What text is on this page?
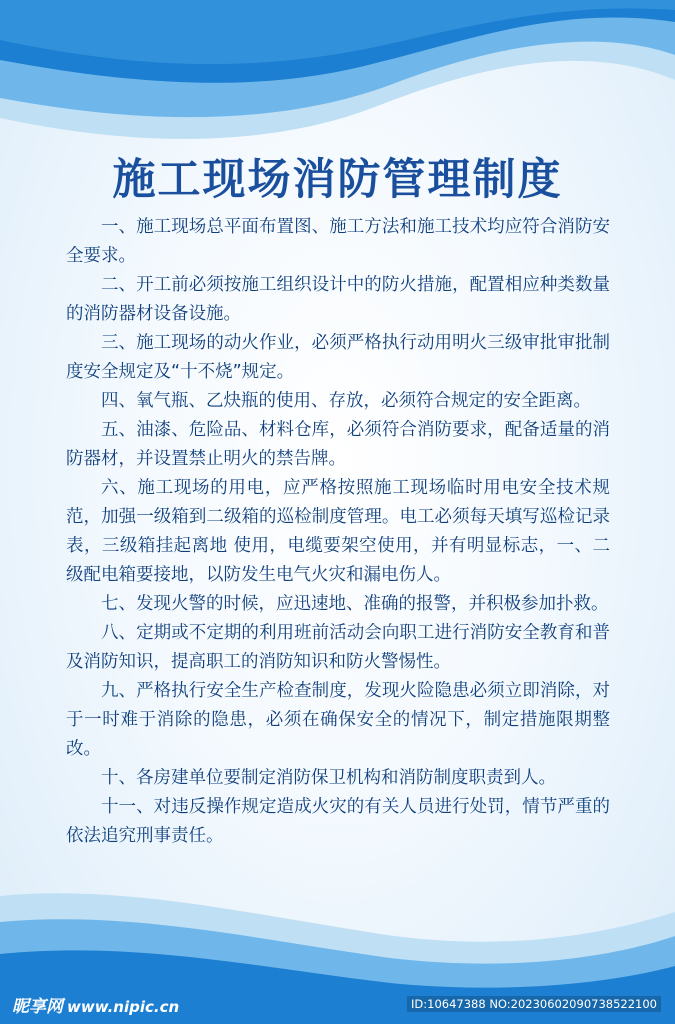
施工现场消防管理制度
一、施工现场总平面布置图、施工方法和施工技术均应符合消防安全要求。
二、开工前必须按施工组织设计中的防火措施，配置相应种类数量的消防器材设备设施。
三、施工现场的动火作业，必须严格执行动用明火三级审批审批制度安全规定及“十不烧”规定。
四、氧气瓶、乙炔瓶的使用、存放，必须符合规定的安全距离。
五、油漆、危险品、材料仓库，必须符合消防要求，配备适量的消防器材，并设置禁止明火的禁告牌。
六、施工现场的用电，应严格按照施工现场临时用电安全技术规范，加强一级箱到二级箱的巡检制度管理。电工必须每天填写巡检记录表，三级箱挂起离地 使用，电缆要架空使用，并有明显标志，一、二级配电箱要接地，以防发生电气火灾和漏电伤人。
七、发现火警的时候，应迅速地、准确的报警，并积极参加扑救。
八、定期或不定期的利用班前活动会向职工进行消防安全教育和普及消防知识，提高职工的消防知识和防火警惕性。
九、严格执行安全生产检查制度，发现火险隐患必须立即消除，对于一时难于消除的隐患，必须在确保安全的情况下，制定措施限期整改。
十、各房建单位要制定消防保卫机构和消防制度职责到人。
十一、对违反操作规定造成火灾的有关人员进行处罚，情节严重的依法追究刑事责任。
昵享网 www.nipic.cn	ID:10647388 NO:20230602090738522100
